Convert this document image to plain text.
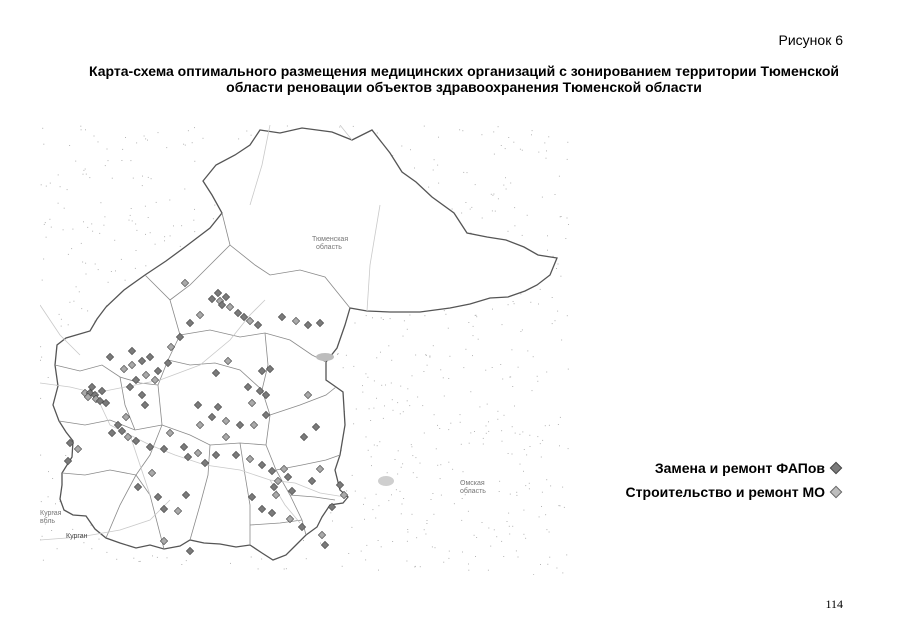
Рисунок 6
Карта-схема оптимального размещения медицинских организаций с зонированием территории Тюменской области реновации объектов здравоохранения Тюменской области
Тюменская
область
Омская
область
Кургая
вбль
Курган
Замена и ремонт ФАПов
Строительство и ремонт МО
114
